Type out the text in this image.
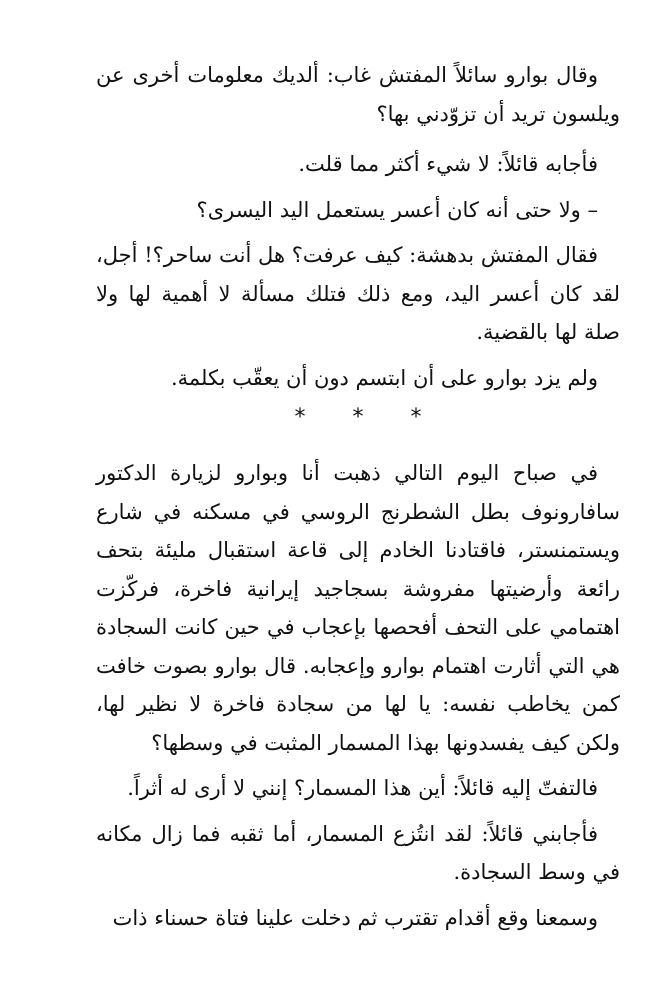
وقال بوارو سائلاً المفتش غاب: ألديك معلومات أخرى عن ويلسون تريد أن تزوّدني بها؟

فأجابه قائلاً: لا شيء أكثر مما قلت.

– ولا حتى أنه كان أعسر يستعمل اليد اليسرى؟

فقال المفتش بدهشة: كيف عرفت؟ هل أنت ساحر؟! أجل، لقد كان أعسر اليد، ومع ذلك فتلك مسألة لا أهمية لها ولا صلة لها بالقضية.

ولم يزد بوارو على أن ابتسم دون أن يعقّب بكلمة.

* * *

في صباح اليوم التالي ذهبت أنا وبوارو لزيارة الدكتور سافارونوف بطل الشطرنج الروسي في مسكنه في شارع ويستمنستر، فاقتادنا الخادم إلى قاعة استقبال مليئة بتحف رائعة وأرضيتها مفروشة بسجاجيد إيرانية فاخرة، فركّزت اهتمامي على التحف أفحصها بإعجاب في حين كانت السجادة هي التي أثارت اهتمام بوارو وإعجابه. قال بوارو بصوت خافت كمن يخاطب نفسه: يا لها من سجادة فاخرة لا نظير لها، ولكن كيف يفسدونها بهذا المسمار المثبت في وسطها؟

فالتفتّ إليه قائلاً: أين هذا المسمار؟ إنني لا أرى له أثراً.

فأجابني قائلاً: لقد انتُزع المسمار، أما ثقبه فما زال مكانه في وسط السجادة.

وسمعنا وقع أقدام تقترب ثم دخلت علينا فتاة حسناء ذات
